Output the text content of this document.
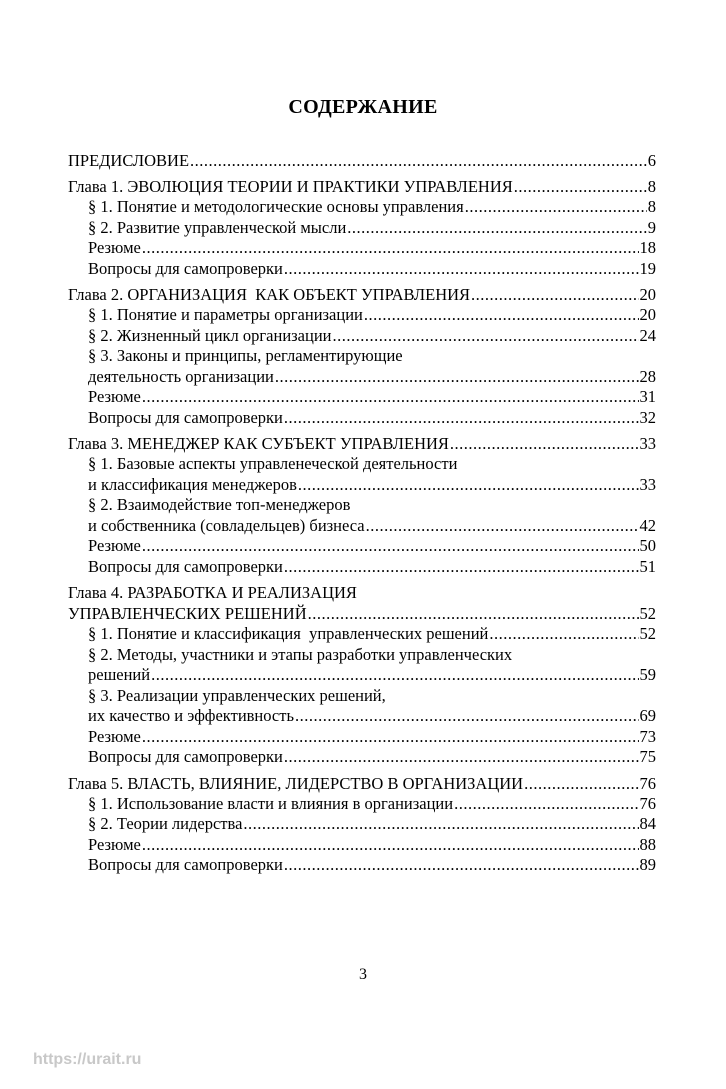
СОДЕРЖАНИЕ
ПРЕДИСЛОВИЕ .....	6
Глава 1. ЭВОЛЮЦИЯ ТЕОРИИ И ПРАКТИКИ УПРАВЛЕНИЯ .....	8
§ 1. Понятие и методологические основы управления .....	8
§ 2. Развитие управленческой мысли .....	9
Резюме .....	18
Вопросы для самопроверки .....	19
Глава 2. ОРГАНИЗАЦИЯ  КАК ОБЪЕКТ УПРАВЛЕНИЯ .....	20
§ 1. Понятие и параметры организации .....	20
§ 2. Жизненный цикл организации .....	24
§ 3. Законы и принципы, регламентирующие
деятельность организации .....	28
Резюме .....	31
Вопросы для самопроверки .....	32
Глава 3. МЕНЕДЖЕР КАК СУБЪЕКТ УПРАВЛЕНИЯ .....	33
§ 1. Базовые аспекты управленеческой деятельности
и классификация менеджеров .....	33
§ 2. Взаимодействие топ-менеджеров
и собственника (совладельцев) бизнеса .....	42
Резюме .....	50
Вопросы для самопроверки .....	51
Глава 4. РАЗРАБОТКА И РЕАЛИЗАЦИЯ
УПРАВЛЕНЧЕСКИХ РЕШЕНИЙ .....	52
§ 1. Понятие и классификация  управленческих решений .....	52
§ 2. Методы, участники и этапы разработки управленческих
решений .....	59
§ 3. Реализации управленческих решений,
их качество и эффективность .....	69
Резюме .....	73
Вопросы для самопроверки .....	75
Глава 5. ВЛАСТЬ, ВЛИЯНИЕ, ЛИДЕРСТВО В ОРГАНИЗАЦИИ .....	76
§ 1. Использование власти и влияния в организации .....	76
§ 2. Теории лидерства .....	84
Резюме .....	88
Вопросы для самопроверки .....	89
3
https://urait.ru
